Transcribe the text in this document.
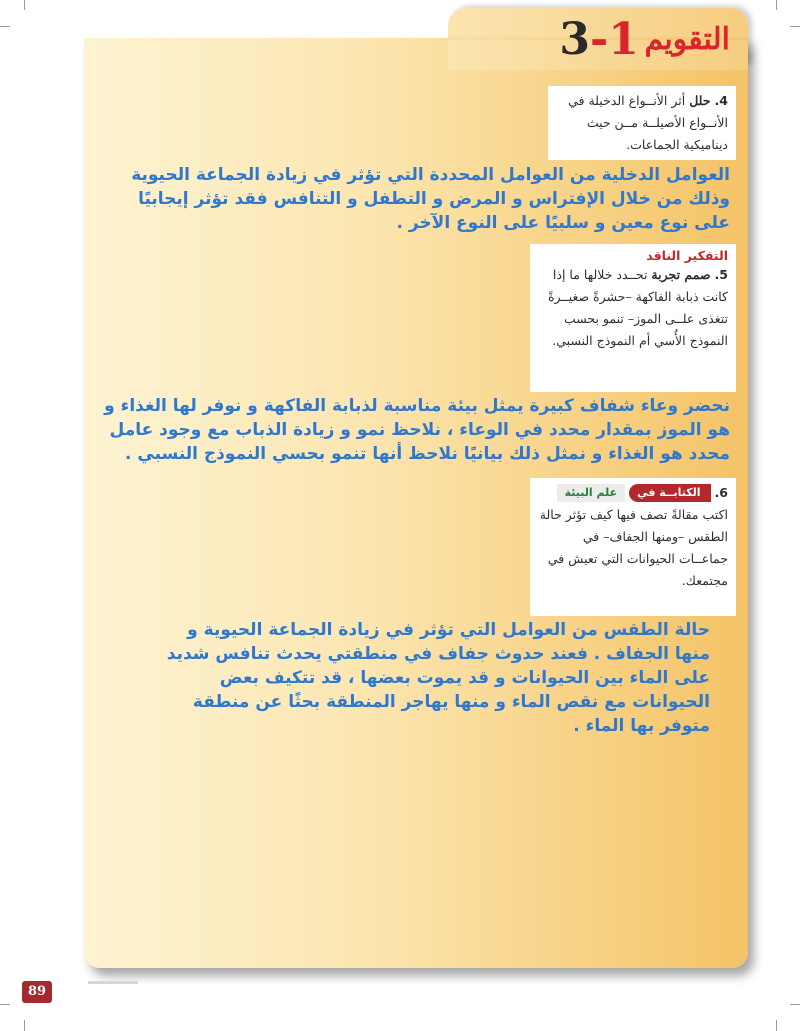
التقويم 1-3
4. حلل أثر الأنــواع الدخيلة في الأنــواع الأصيلــة مــن حيث ديناميكية الجماعات.
العوامل الدخلية من العوامل المحددة التي تؤثر في زيادة الجماعة الحيوية وذلك من خلال الإفتراس و المرض و التطفل و التنافس فقد تؤثر إيجابيًا على نوع معين و سلبيًا على النوع الآخر .
التفكير الناقد
5. صمم تجربة تحــدد خلالها ما إذا كانت ذبابة الفاكهة –حشرةً صغيــرةً تتغذى علــى الموز– تنمو بحسب النموذج الأُسي أم النموذج النسبي.
نحضر وعاء شفاف كبيرة يمثل بيئة مناسبة لذبابة الفاكهة و نوفر لها الغذاء و هو الموز بمقدار محدد في الوعاء ، نلاحظ نمو و زيادة الذباب مع وجود عامل محدد هو الغذاء و نمثل ذلك بيانيًا نلاحظ أنها تنمو بحسي النموذج النسبي .
6.
الكتابــة في
علم البيئة
اكتب مقالةً تصف فيها كيف تؤثر حالة الطقس –ومنها الجفاف– في جماعــات الحيوانات التي تعيش في مجتمعك.
حالة الطقس من العوامل التي تؤثر في زيادة الجماعة الحيوية و منها الجفاف . فعند حدوث جفاف في منطقتي يحدث تنافس شديد على الماء بين الحيوانات و قد يموت بعضها ، قد تتكيف بعض الحيوانات مع نقص الماء و منها يهاجر المنطقة بحثًا عن منطقة متوفر بها الماء .
89
